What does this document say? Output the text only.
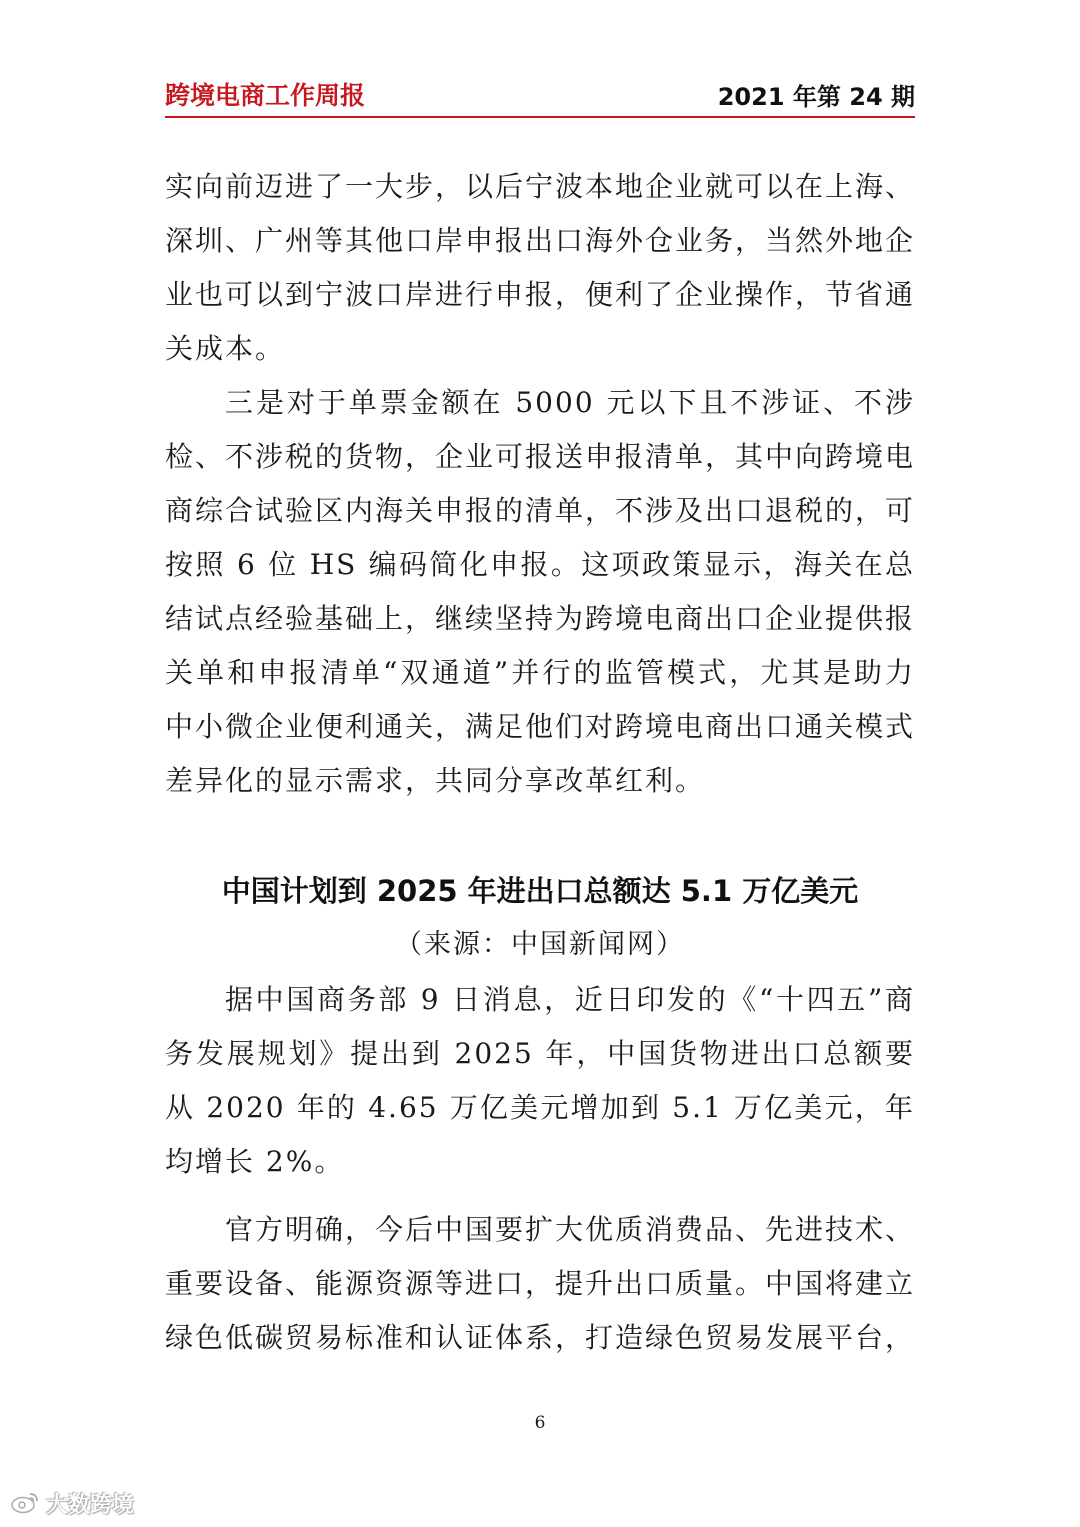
跨境电商工作周报	2021 年第 24 期

实向前迈进了一大步，以后宁波本地企业就可以在上海、深圳、广州等其他口岸申报出口海外仓业务，当然外地企业也可以到宁波口岸进行申报，便利了企业操作，节省通关成本。

三是对于单票金额在 5000 元以下且不涉证、不涉检、不涉税的货物，企业可报送申报清单，其中向跨境电商综合试验区内海关申报的清单，不涉及出口退税的，可按照 6 位 HS 编码简化申报。这项政策显示，海关在总结试点经验基础上，继续坚持为跨境电商出口企业提供报关单和申报清单“双通道”并行的监管模式，尤其是助力中小微企业便利通关，满足他们对跨境电商出口通关模式差异化的显示需求，共同分享改革红利。

中国计划到 2025 年进出口总额达 5.1 万亿美元
（来源：中国新闻网）

据中国商务部 9 日消息，近日印发的《“十四五”商务发展规划》提出到 2025 年，中国货物进出口总额要从 2020 年的 4.65 万亿美元增加到 5.1 万亿美元，年均增长 2%。

官方明确，今后中国要扩大优质消费品、先进技术、重要设备、能源资源等进口，提升出口质量。中国将建立绿色低碳贸易标准和认证体系，打造绿色贸易发展平台，

6
大数跨境
